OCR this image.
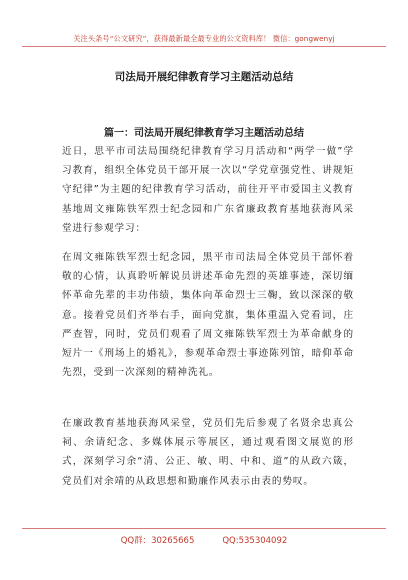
关注头条号“公文研究”，获得最新最全最专业的公文资料库！ 微信：gongwenyj
司法局开展纪律教育学习主题活动总结
篇一：司法局开展纪律教育学习主题活动总结

近日，思平市司法局围绕纪律教育学习月活动和“两学一做”学习教育，组织全体党员干部开展一次以“学党章强党性、讲规矩守纪律”为主题的纪律教育学习活动，前往开平市爱国主义教育基地周文雍陈铁军烈士纪念园和广东省廉政教育基地获海风采堂进行参观学习：

在周文雍陈铁军烈士纪念园，黑平市司法局全体党员干部怀着敬的心情，认真聆听解说员讲述革命先烈的英雄事迹，深切缅怀革命先辈的丰功伟绩，集体向革命烈士三鞠，致以深深的敬意。接着党员们齐举右手，面向党旗，集体重温入党看词，庄严查智，同时，党员们观看了周文雍陈铁军烈士为革命献身的短片一《刑场上的婚礼》，参观革命烈士事迹陈列馆，暗仰革命先烈，受到一次深刻的精神洗礼。

在廉政教育基地获海风采堂，党员们先后参观了名贤余忠真公祠、余请纪念、多媒体展示等展区，通过观看图文展览的形式，深刻学习余“清、公正、敏、明、中和、道”的从政六箴，党员们对余靖的从政思想和勤廉作风表示由表的势叹。

QQ群：30265665	QQ:535304092
